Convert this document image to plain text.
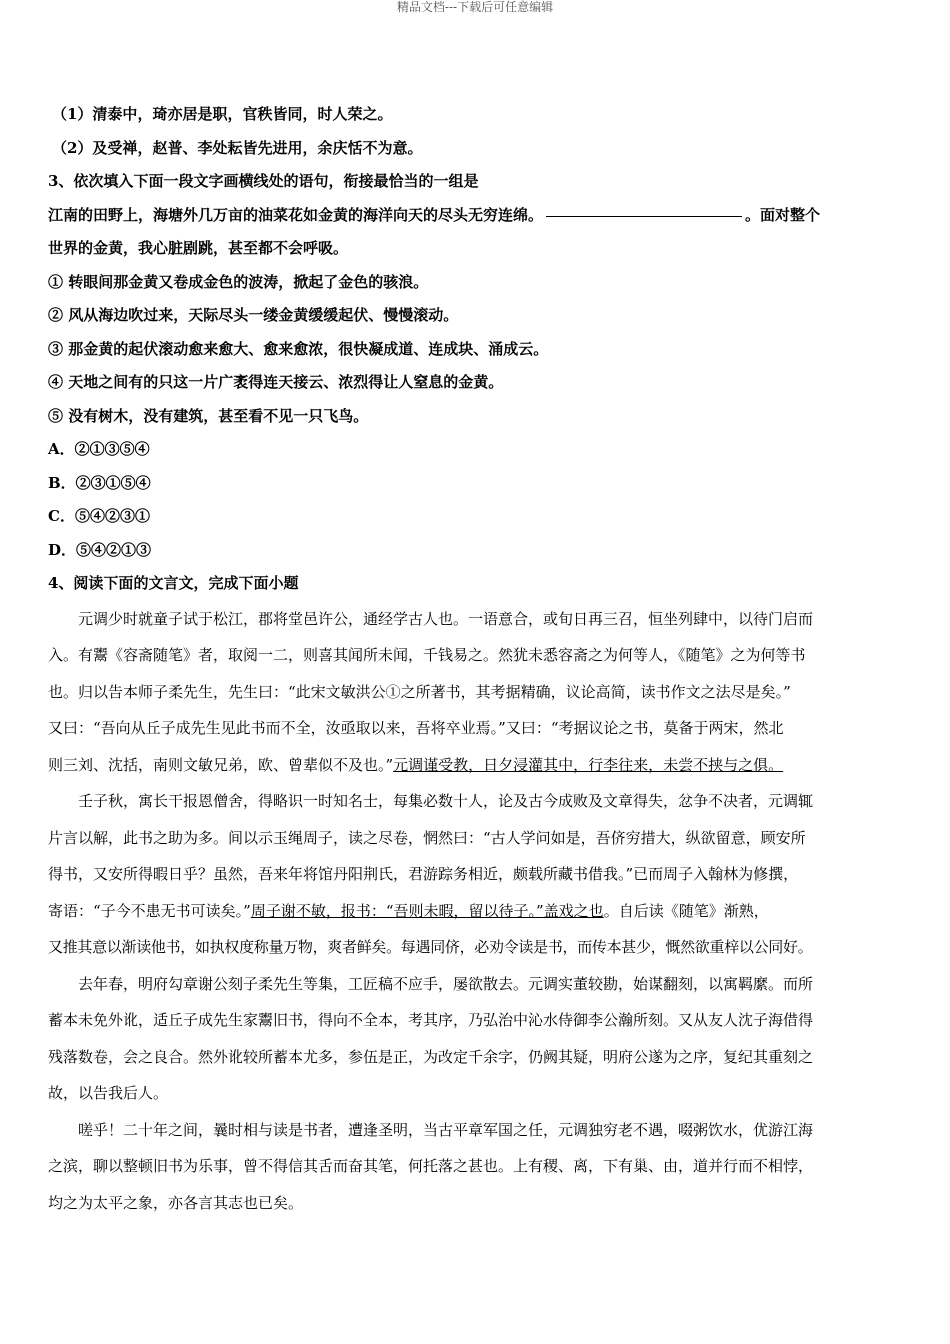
精品文档---下载后可任意编辑
（1）清泰中，琦亦居是职，官秩皆同，时人荣之。
（2）及受禅，赵普、李处耘皆先进用，余庆恬不为意。
3、依次填入下面一段文字画横线处的语句，衔接最恰当的一组是
江南的田野上，海塘外几万亩的油菜花如金黄的海洋向天的尽头无穷连绵。	。面对整个
世界的金黄，我心脏剧跳，甚至都不会呼吸。
① 转眼间那金黄又卷成金色的波涛，掀起了金色的骇浪。
② 风从海边吹过来，天际尽头一缕金黄缓缓起伏、慢慢滚动。
③ 那金黄的起伏滚动愈来愈大、愈来愈浓，很快凝成道、连成块、涌成云。
④ 天地之间有的只这一片广袤得连天接云、浓烈得让人窒息的金黄。
⑤ 没有树木，没有建筑，甚至看不见一只飞鸟。
A．②①③⑤④
B．②③①⑤④
C．⑤④②③①
D．⑤④②①③
4、阅读下面的文言文，完成下面小题
元调少时就童子试于松江，郡将堂邑许公，通经学古人也。一语意合，或旬日再三召，恒坐列肆中，以待门启而
入。有鬻《容斋随笔》者，取阅一二，则喜其闻所未闻，千钱易之。然犹未悉容斋之为何等人，《随笔》之为何等书
也。归以告本师子柔先生，先生曰：“此宋文敏洪公①之所著书，其考据精确，议论高简，读书作文之法尽是矣。”
又曰：“吾向从丘子成先生见此书而不全，汝亟取以来，吾将卒业焉。”又曰：“考据议论之书，莫备于两宋，然北
则三刘、沈括，南则文敏兄弟，欧、曾辈似不及也。”元调谨受教，日夕浸灌其中，行李往来，未尝不挟与之俱。
壬子秋，寓长干报恩僧舍，得略识一时知名士，每集必数十人，论及古今成败及文章得失，忿争不决者，元调辄
片言以解，此书之助为多。间以示玉绳周子，读之尽卷，惘然曰：“古人学问如是，吾侪穷措大，纵欲留意，顾安所
得书，又安所得暇日乎？虽然，吾来年将馆丹阳荆氏，君游踪务相近，颇载所藏书借我。”已而周子入翰林为修撰，
寄语：“子今不患无书可读矣。”周子谢不敏，报书：“吾则未暇，留以待子。”盖戏之也。自后读《随笔》渐熟，
又推其意以渐读他书，如执权度称量万物，爽者鲜矣。每遇同侪，必劝令读是书，而传本甚少，慨然欲重梓以公同好。
去年春，明府勾章谢公刻子柔先生等集，工匠稿不应手，屡欲散去。元调实董较勘，始谋翻刻，以寓羁縻。而所
蓄本未免外讹，适丘子成先生家鬻旧书，得向不全本，考其序，乃弘治中沁水侍御李公瀚所刻。又从友人沈子海借得
残落数卷，会之良合。然外讹较所蓄本尤多，参伍是正，为改定千余字，仍阙其疑，明府公遂为之序，复纪其重刻之
故，以告我后人。
嗟乎！二十年之间，曩时相与读是书者，遭逢圣明，当古平章军国之任，元调独穷老不遇，啜粥饮水，优游江海
之滨，聊以整顿旧书为乐事，曾不得信其舌而奋其笔，何托落之甚也。上有稷、离，下有巢、由，道并行而不相悖，
均之为太平之象，亦各言其志也已矣。
